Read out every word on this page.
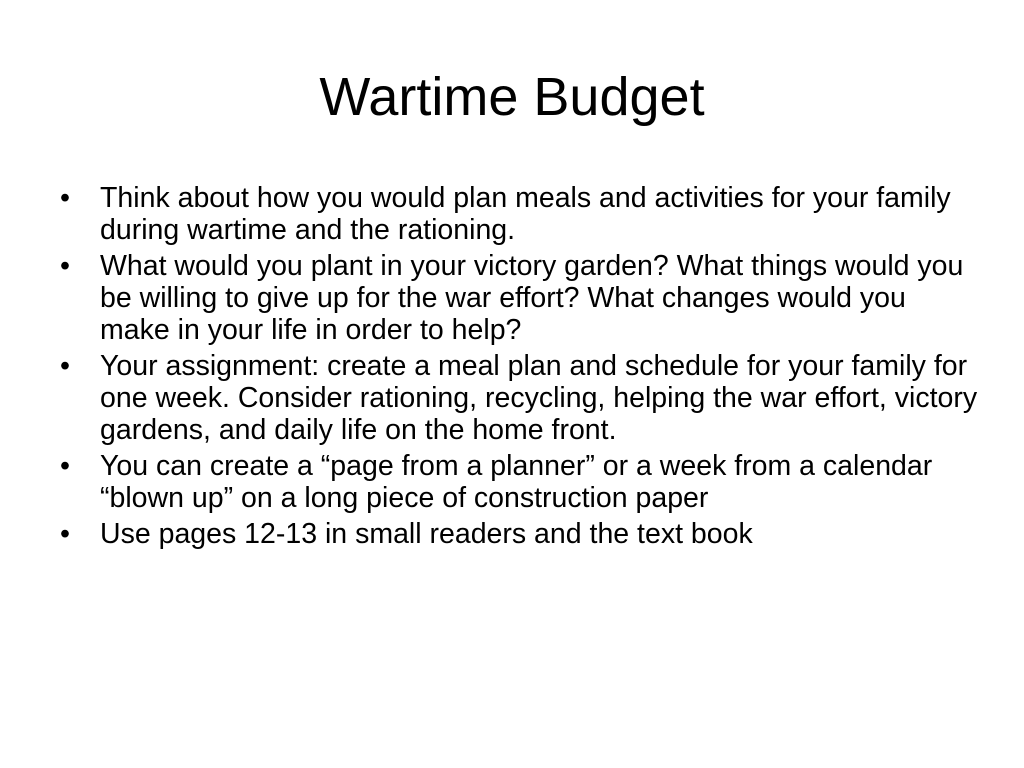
Wartime Budget
•	Think about how you would plan meals and activities for your family during wartime and the rationing.
•	What would you plant in your victory garden? What things would you be willing to give up for the war effort? What changes would you make in your life in order to help?
•	Your assignment: create a meal plan and schedule for your family for one week. Consider rationing, recycling, helping the war effort, victory gardens, and daily life on the home front.
•	You can create a “page from a planner” or a week from a calendar “blown up” on a long piece of construction paper
•	Use pages 12-13 in small readers and the text book
